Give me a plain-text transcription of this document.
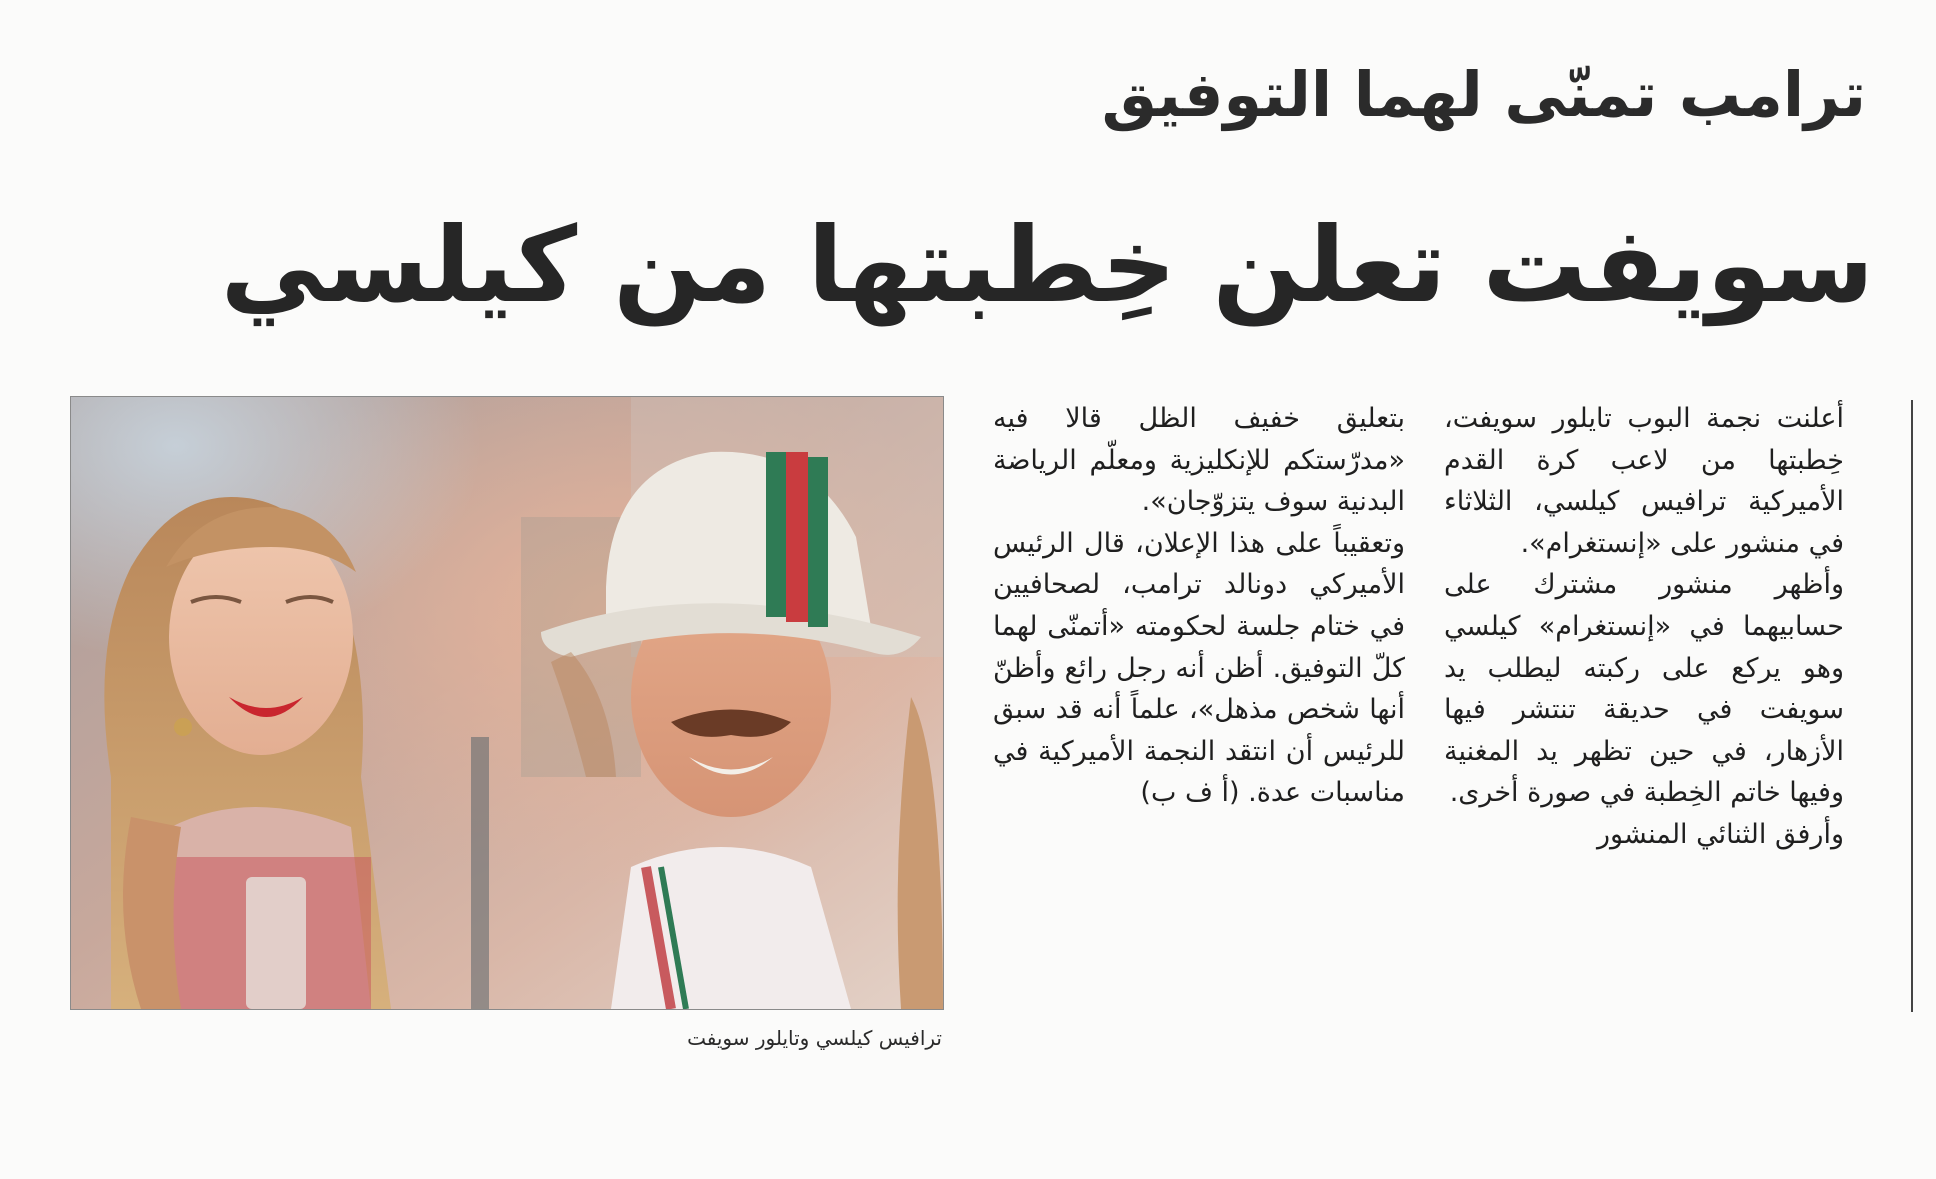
ترامب تمنّى لهما التوفيق
سويفت تعلن خِطبتها من كيلسي

أعلنت نجمة البوب تايلور سويفت، خِطبتها من لاعب كرة القدم الأميركية ترافيس كيلسي، الثلاثاء في منشور على «إنستغرام».

وأظهر منشور مشترك على حسابيهما في «إنستغرام» كيلسي وهو يركع على ركبته ليطلب يد سويفت في حديقة تنتشر فيها الأزهار، في حين تظهر يد المغنية وفيها خاتم الخِطبة في صورة أخرى.

وأرفق الثنائي المنشور

بتعليق خفيف الظل قالا فيه «مدرّستكم للإنكليزية ومعلّم الرياضة البدنية سوف يتزوّجان».

وتعقيباً على هذا الإعلان، قال الرئيس الأميركي دونالد ترامب، لصحافيين في ختام جلسة لحكومته «أتمنّى لهما كلّ التوفيق. أظن أنه رجل رائع وأظنّ أنها شخص مذهل»، علماً أنه قد سبق للرئيس أن انتقد النجمة الأميركية في مناسبات عدة. (أ ف ب)

ترافيس كيلسي وتايلور سويفت
